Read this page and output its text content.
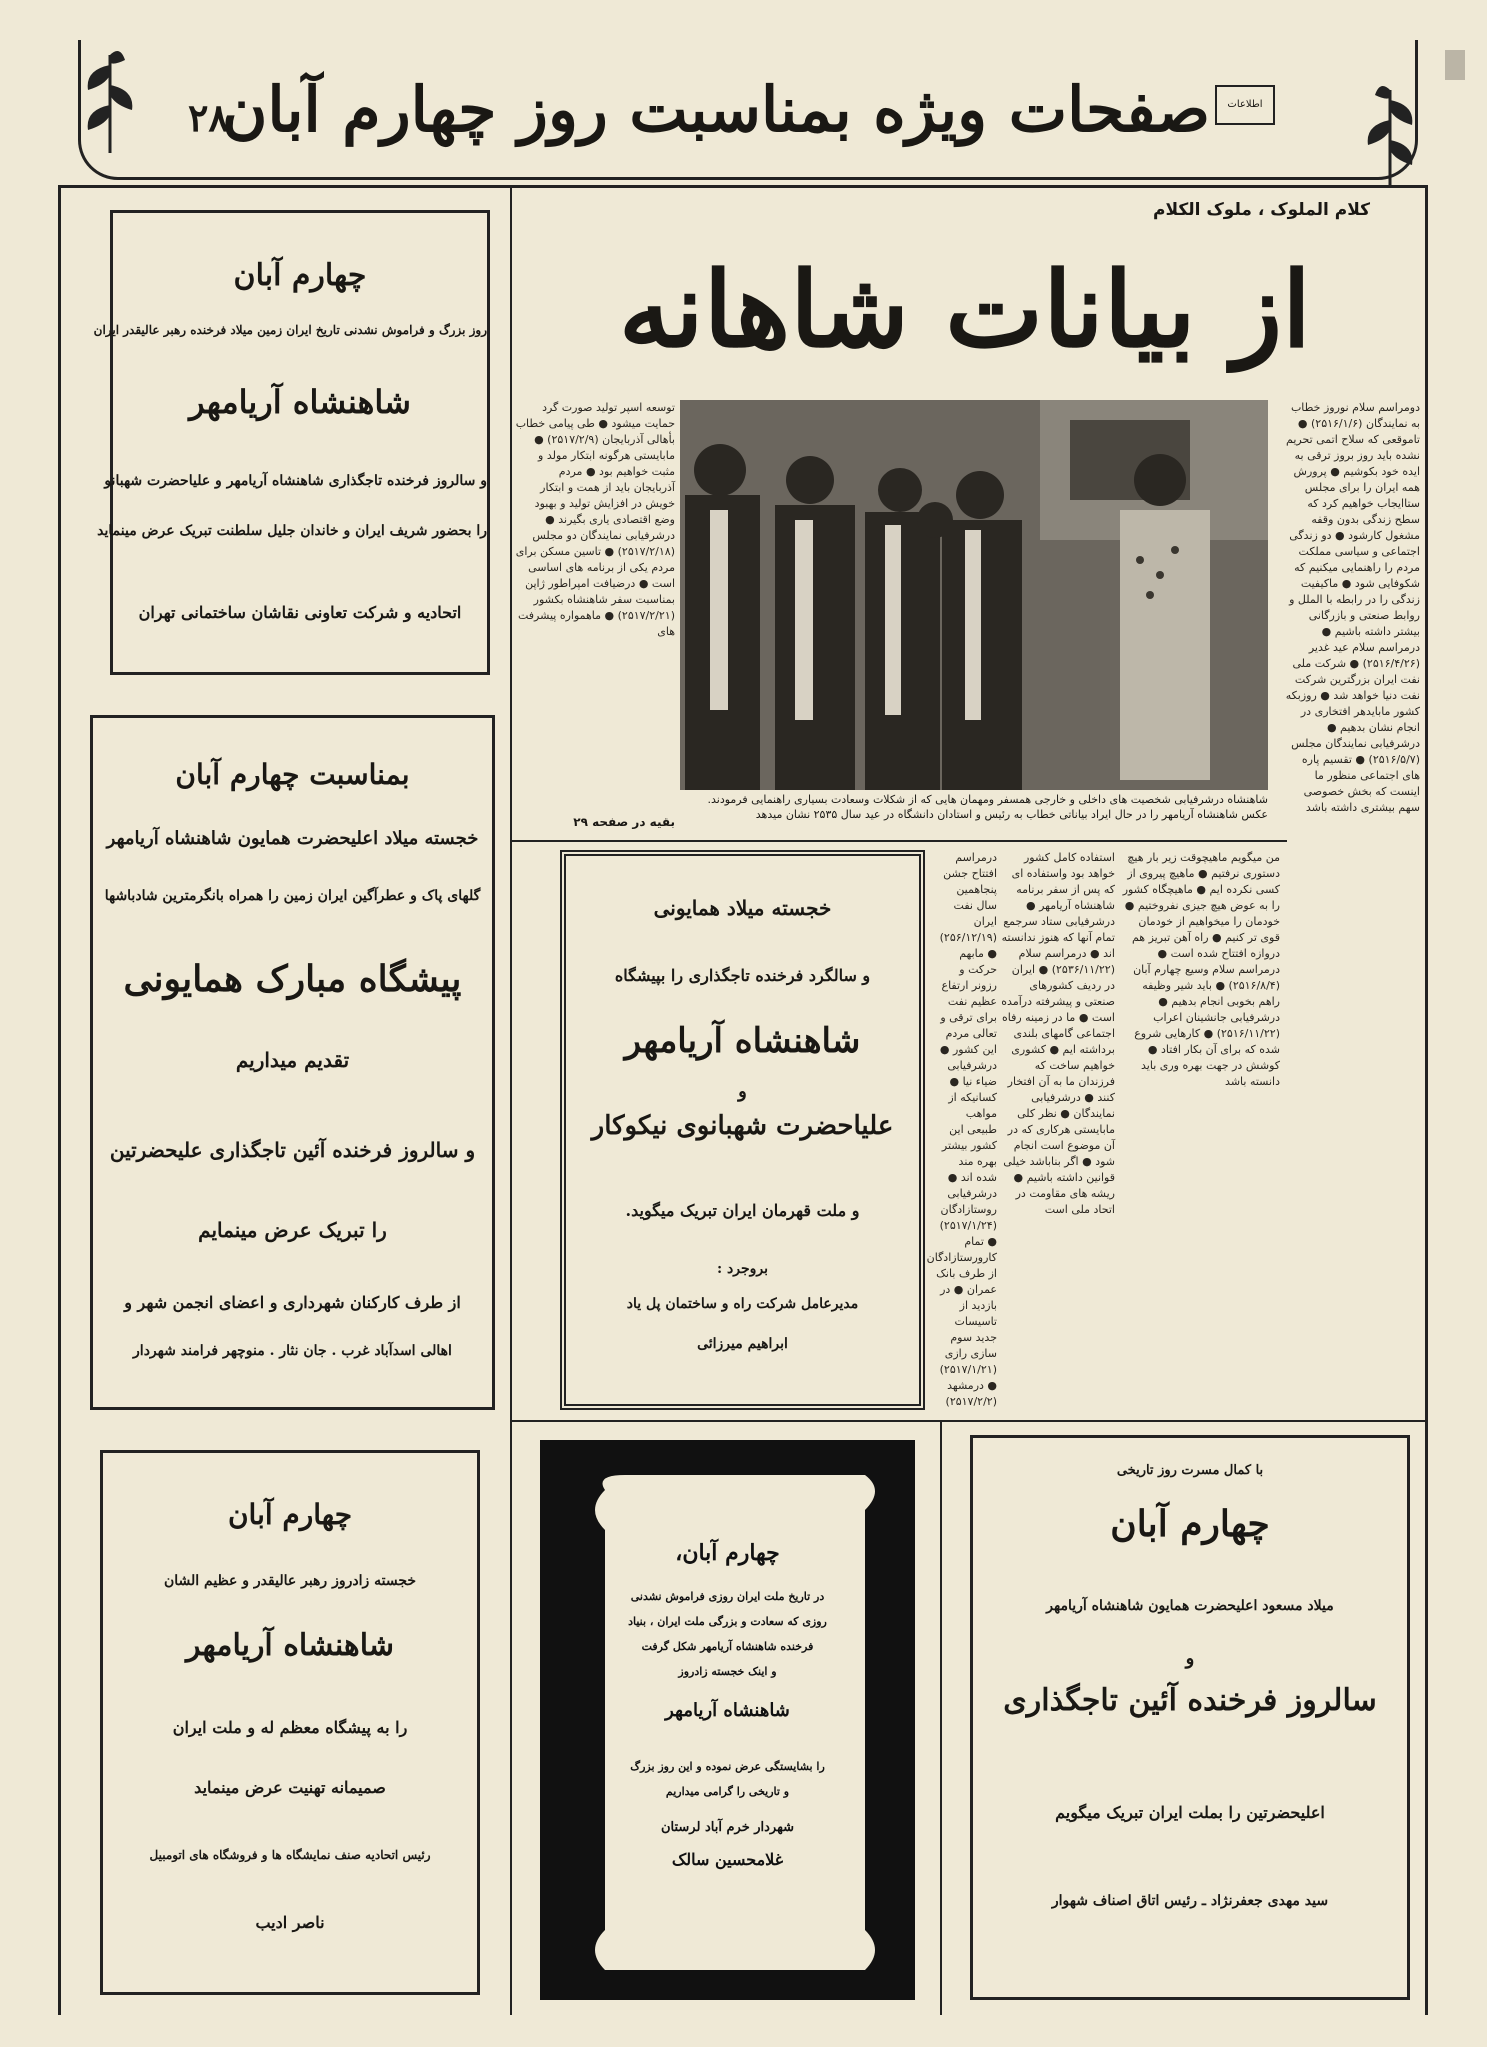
صفحات ویژه بمناسبت روز چهارم آبان
۲۸	اطلاعات
کلام الملوک ، ملوک الکلام
از بیانات شاهانه
شاهنشاه درشرفیابی شخصیت های داخلی و خارجی همسفر ومهمان هایی که از شکلات وسعادت بسیاری راهنمایی فرمودند. عکس شاهنشاه آریامهر را در حال ایراد بیاناتی خطاب به رئیس و استادان دانشگاه در عید سال ۲۵۳۵ نشان میدهد
توسعه اسپر تولید صورت گرد حمایت میشود ● طی پیامی خطاب بأهالی آذربایجان (۲۵۱۷/۲/۹) ● مابایستی هرگونه ابتکار مولد و مثبت خواهیم بود ● مردم آذربایجان باید از همت و ابتکار خویش در افزایش تولید و بهبود وضع اقتصادی یاری بگیرند ● درشرفیابی نمایندگان دو مجلس (۲۵۱۷/۲/۱۸) ● تاسین مسکن برای مردم یکی از برنامه های اساسی است ● درضیافت امپراطور ژاپن بمناسبت سفر شاهنشاه بکشور (۲۵۱۷/۲/۲۱) ● ماهمواره پیشرفت های
بقیه در صفحه ۲۹
دومراسم سلام نوروز خطاب به نمایندگان (۲۵۱۶/۱/۶) ● تاموقعی که سلاح اتمی تحریم نشده باید روز بروز ترقی به ایده خود بکوشیم ● پرورش همه ایران را برای مجلس ستاایجاب خواهیم کرد که سطح زندگی بدون وقفه مشغول کارشود ● دو زندگی اجتماعی و سیاسی مملکت مردم را راهنمایی میکنیم که شکوفایی شود ● ماکیفیت زندگی را در رابطه با الملل و روابط صنعتی و بازرگانی بیشتر داشته باشیم ● درمراسم سلام عید غدیر (۲۵۱۶/۴/۲۶) ● شرکت ملی نفت ایران بزرگترین شرکت نفت دنیا خواهد شد ● روزبکه کشور مابایدهر افتخاری در انجام نشان بدهیم ● درشرفیابی نمایندگان مجلس (۲۵۱۶/۵/۷) ● تقسیم پاره های اجتماعی منظور ما اینست که بخش خصوصی سهم بیشتری داشته باشد
من میگویم ماهیچوقت زیر بار هیچ دستوری نرفتیم ● ماهیچ پیروی از کسی نکرده ایم ● ماهیچگاه کشور را به عوض هیچ جیزی نفروختیم ● خودمان را میخواهیم از خودمان قوی تر کنیم ● راه آهن تبریز هم دروازه افتتاح شده است ● درمراسم سلام وسیع چهارم آبان (۲۵۱۶/۸/۴) ● باید شیر وظیفه راهم بخوبی انجام بدهیم ● درشرفیابی جانشینان اعراب (۲۵۱۶/۱۱/۲۲) ● کارهایی شروع شده که برای آن بکار افتاد ● کوشش در جهت بهره وری باید دانسته باشد
استفاده کامل کشور خواهد بود واستفاده ای که پس از سفر برنامه شاهنشاه آریامهر ● درشرفیابی ستاد سرجمع تمام آنها که هنوز ندانسته اند ● درمراسم سلام (۲۵۳۶/۱۱/۲۲) ● ایران در ردیف کشورهای صنعتی و پیشرفته درآمده است ● ما در زمینه رفاه اجتماعی گامهای بلندی برداشته ایم ● کشوری خواهیم ساخت که فرزندان ما به آن افتخار کنند ● درشرفیابی نمایندگان ● نظر کلی مابایستی هرکاری که در آن موضوع است انجام شود ● اگر بناباشد خیلی قوانین داشته باشیم ● ریشه های مقاومت در اتحاد ملی است
درمراسم افتتاح جشن پنجاهمین سال نفت ایران (۲۵۶/۱۲/۱۹) ● مابهم حرکت و رزونر ارتفاع عظیم نفت برای ترقی و تعالی مردم این کشور ● درشرفیابی ضیاء نیا ● کسانیکه از مواهب طبیعی این کشور بیشتر بهره مند شده اند ● درشرفیابی روستازادگان (۲۵۱۷/۱/۲۴) ● تمام کارورستازادگان از طرف بانک عمران ● در بازدید از تاسیسات جدید سوم سازی رازی (۲۵۱۷/۱/۲۱) ● درمشهد (۲۵۱۷/۲/۲)
چهارم آبان
روز بزرگ و فراموش نشدنی تاریخ ایران زمین میلاد فرخنده رهبر عالیقدر ایران
شاهنشاه آریامهر
و سالروز فرخنده تاجگذاری شاهنشاه آریامهر و علیاحضرت شهبانو
را بحضور شریف ایران و خاندان جلیل سلطنت تبریک عرض مینماید
اتحادیه و شرکت تعاونی نقاشان ساختمانی تهران
بمناسبت چهارم آبان
خجسته میلاد اعلیحضرت همایون شاهنشاه آریامهر
گلهای پاک و عطرآگین ایران زمین را همراه بانگرمترین شادباشها
پیشگاه مبارک همایونی
تقدیم میداریم
و سالروز فرخنده آئین تاجگذاری علیحضرتین
را تبریک عرض مینمایم
از طرف کارکنان شهرداری و اعضای انجمن شهر و
اهالی اسدآباد غرب . جان نثار . منوچهر فرامند شهردار
خجسته میلاد همایونی
و سالگرد فرخنده تاجگذاری را بپیشگاه
شاهنشاه آریامهر
و
علیاحضرت شهبانوی نیکوکار
و ملت قهرمان ایران تبریک میگوید.
بروجرد :
مدیرعامل شرکت راه و ساختمان پل یاد
ابراهیم میرزائی
چهارم آبان
خجسته زادروز رهبر عالیقدر و عظیم الشان
شاهنشاه آریامهر
را به پیشگاه معظم له و ملت ایران
صمیمانه تهنیت عرض مینماید
رئیس اتحادیه صنف نمایشگاه ها و فروشگاه های اتومبیل
ناصر ادیب
چهارم آبان،
در تاریخ ملت ایران روزی فراموش نشدنی
روزی که سعادت و بزرگی ملت ایران ، بنیاد
فرخنده شاهنشاه آریامهر شکل گرفت
و اینک خجسته زادروز
شاهنشاه آریامهر
را بشایستگی عرض نموده و این روز بزرگ
و تاریخی را گرامی میداریم
شهردار خرم آباد لرستان
غلامحسین سالک
با کمال مسرت روز تاریخی
چهارم آبان
میلاد مسعود اعلیحضرت همایون شاهنشاه آریامهر
و
سالروز فرخنده آئین تاجگذاری
اعلیحضرتین را بملت ایران تبریک میگویم
سید مهدی جعفرنژاد ـ رئیس اتاق اصناف شهوار
